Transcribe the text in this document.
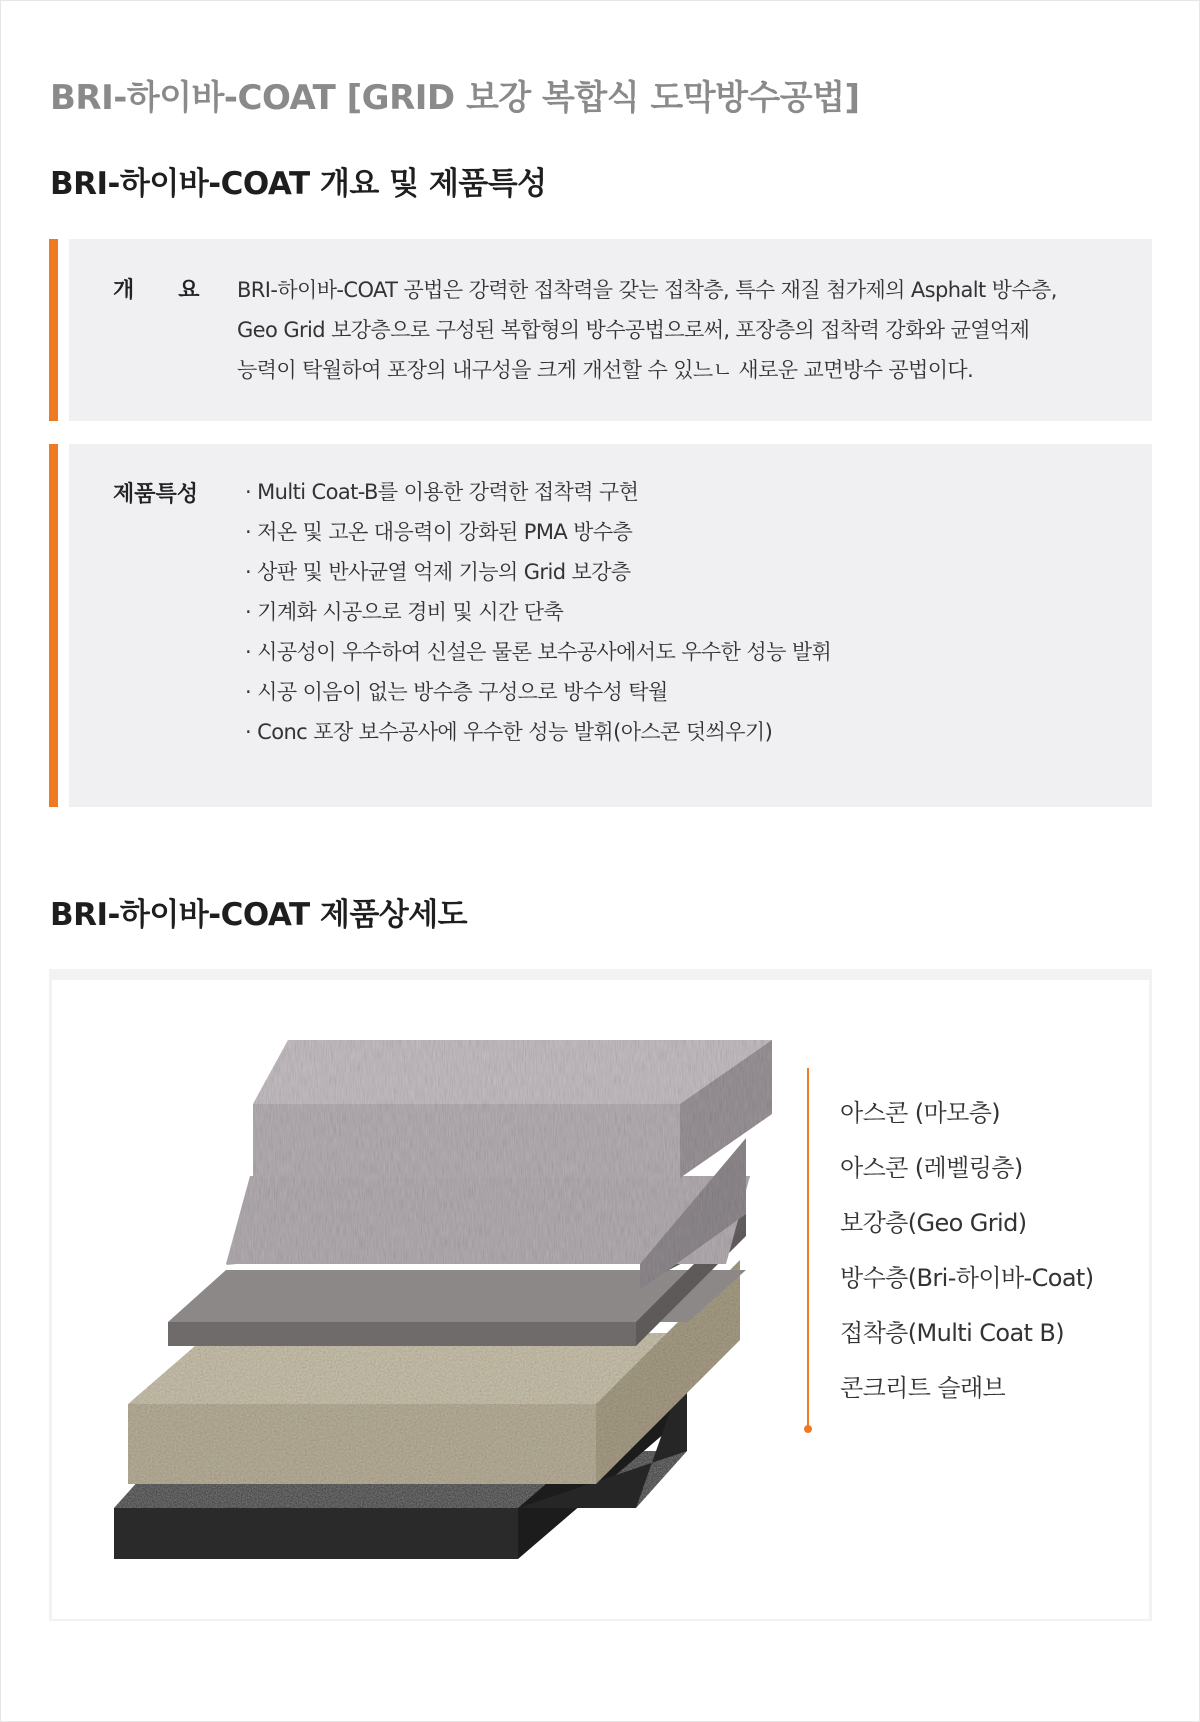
BRI-하이바-COAT [GRID 보강 복합식 도막방수공법]
BRI-하이바-COAT 개요 및 제품특성
개　　요 BRI-하이바-COAT 공법은 강력한 접착력을 갖는 접착층, 특수 재질 첨가제의 Asphalt 방수층,
Geo Grid 보강층으로 구성된 복합형의 방수공법으로써, 포장층의 접착력 강화와 균열억제
능력이 탁월하여 포장의 내구성을 크게 개선할 수 있느ㄴ 새로운 교면방수 공법이다.
제품특성 · Multi Coat-B를 이용한 강력한 접착력 구현
· 저온 및 고온 대응력이 강화된 PMA 방수층
· 상판 및 반사균열 억제 기능의 Grid 보강층
· 기계화 시공으로 경비 및 시간 단축
· 시공성이 우수하여 신설은 물론 보수공사에서도 우수한 성능 발휘
· 시공 이음이 없는 방수층 구성으로 방수성 탁월
· Conc 포장 보수공사에 우수한 성능 발휘(아스콘 덧씌우기)
BRI-하이바-COAT 제품상세도
아스콘 (마모층)
아스콘 (레벨링층)
보강층(Geo Grid)
방수층(Bri-하이바-Coat)
접착층(Multi Coat B)
콘크리트 슬래브
